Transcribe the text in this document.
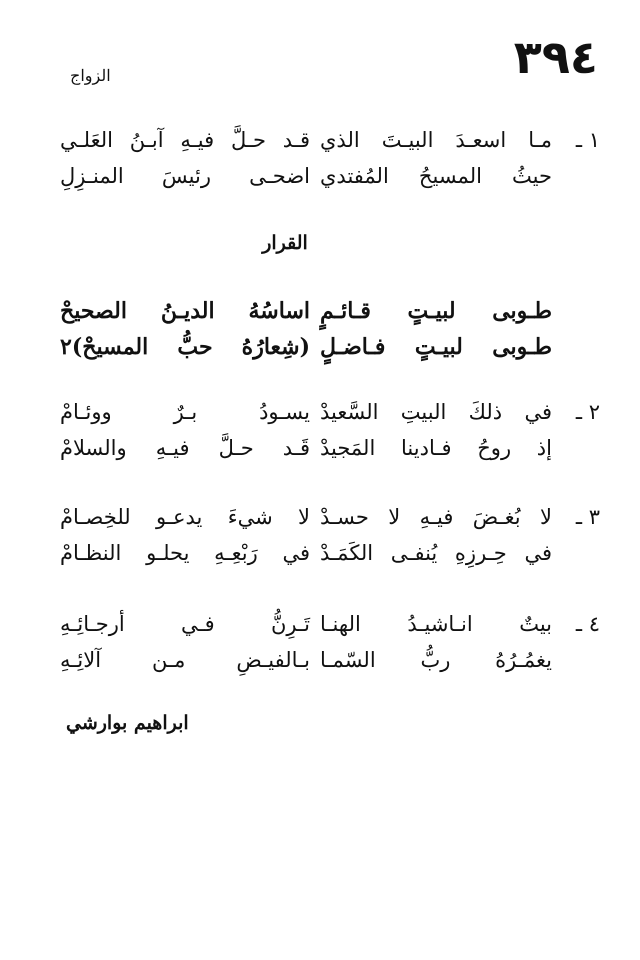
٣٩٤
الزواج
١ ـ
مـا اسعـدَ البيـتَ الذي
قـد حـلَّ فيـهِ آبـنُ العَلـي
حيثُ المسيحُ المُفتدي
اضحـى رئيسَ المنـزِلِ
القرار
طـوبى لبيـتٍ قـائـمٍ
اساسُهُ الديـنُ الصحيحْ
طـوبى لبيـتٍ فـاضـلٍ
(شِعارُهُ حبُّ المسيحْ)٢
٢ ـ
في ذلكَ البيتِ السَّعيدْ
يسـودُ بـرٌ ووئـامْ
إذ روحُ فـادينا المَجيدْ
قَـد حـلَّ فيـهِ والسلامْ
٣ ـ
لا بُغـضَ فيـهِ لا حسـدْ
لا شيءَ يدعـو للخِصـامْ
في حِـرزِهِ يُنفـى الكَمَـدْ
في رَبْعِـهِ يحلـو النظـامْ
٤ ـ
بيتٌ انـاشيـدُ الهنـا
تَـرِنُّ فـي أرجـائِـهِ
يغمُـرُهُ ربُّ السّمـا
بـالفيـضِ مـن آلائِـهِ
ابراهيم بوارشي
